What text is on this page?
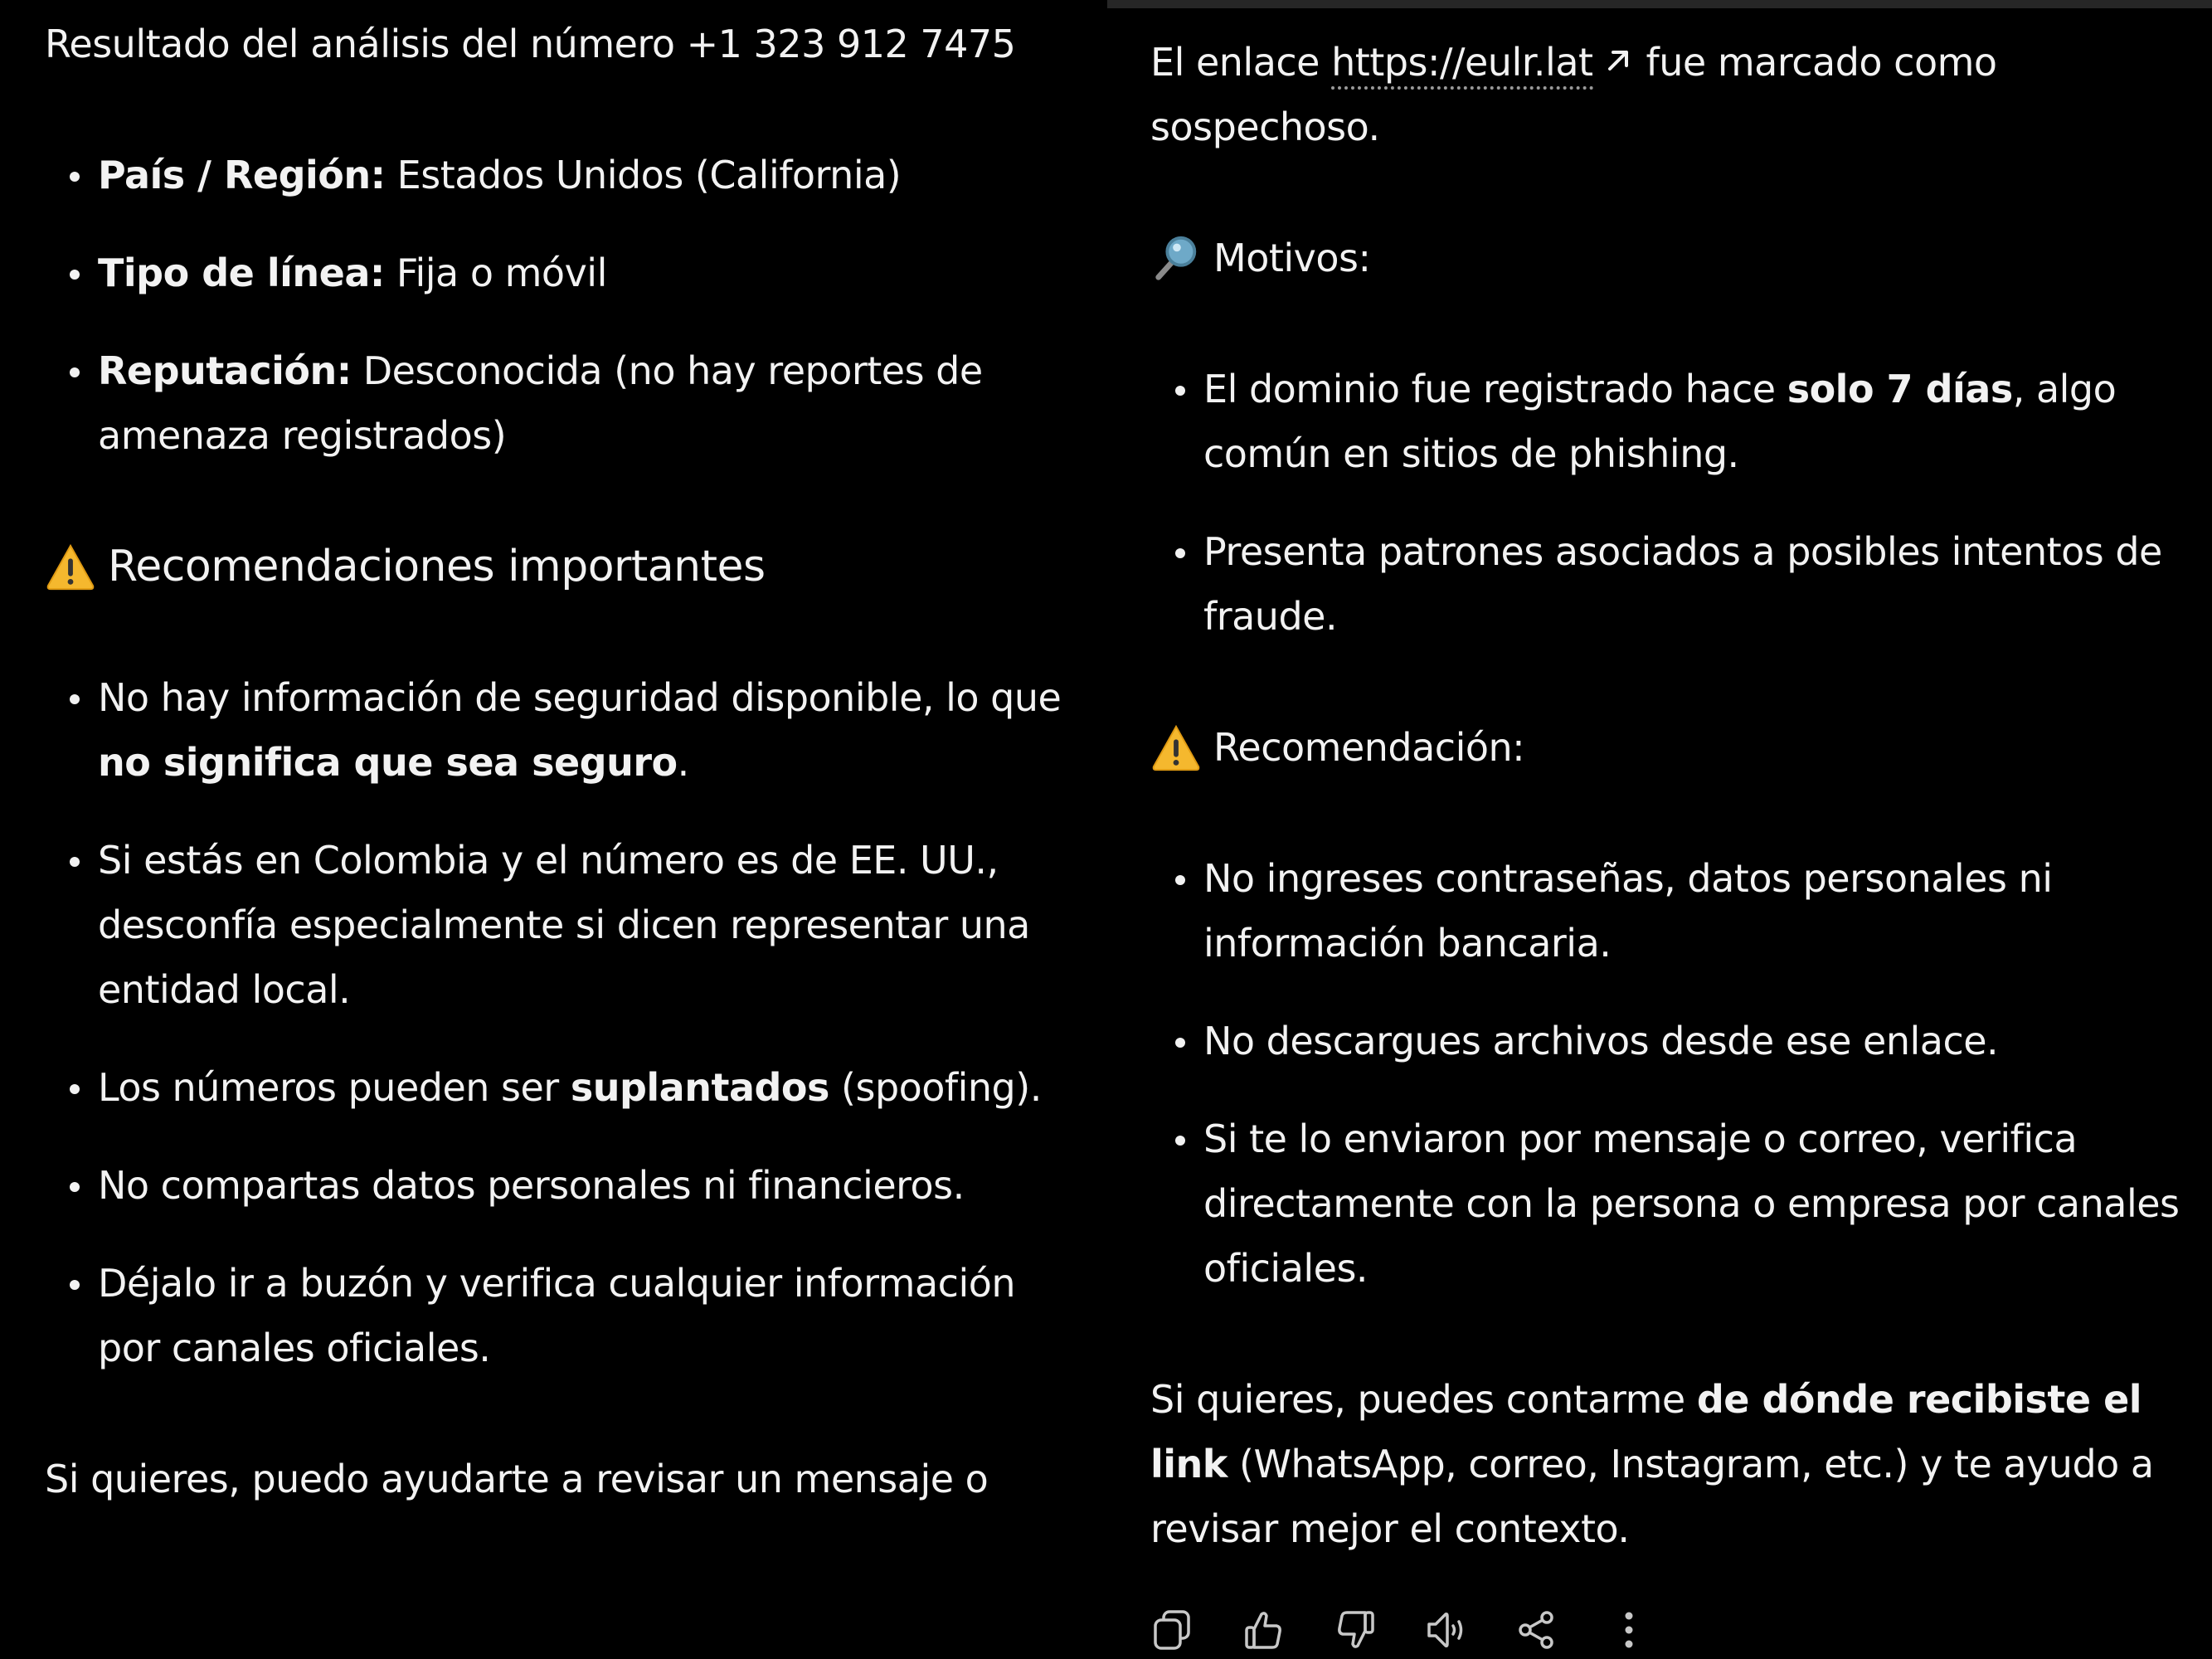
Resultado del análisis del número +1 323 912 7475

País / Región: Estados Unidos (California)
Tipo de línea: Fija o móvil
Reputación: Desconocida (no hay reportes de amenaza registrados)
Recomendaciones importantes
No hay información de seguridad disponible, lo que no significa que sea seguro.
Si estás en Colombia y el número es de EE. UU., desconfía especialmente si dicen representar una entidad local.
Los números pueden ser suplantados (spoofing).
No compartas datos personales ni financieros.
Déjalo ir a buzón y verifica cualquier información por canales oficiales.

Si quieres, puedo ayudarte a revisar un mensaje o

El enlace https://eulr.lat fue marcado como sospechoso.

Motivos:
El dominio fue registrado hace solo 7 días, algo común en sitios de phishing.
Presenta patrones asociados a posibles intentos de fraude.
Recomendación:
No ingreses contraseñas, datos personales ni información bancaria.
No descargues archivos desde ese enlace.
Si te lo enviaron por mensaje o correo, verifica directamente con la persona o empresa por canales oficiales.

Si quieres, puedes contarme de dónde recibiste el link (WhatsApp, correo, Instagram, etc.) y te ayudo a revisar mejor el contexto.
